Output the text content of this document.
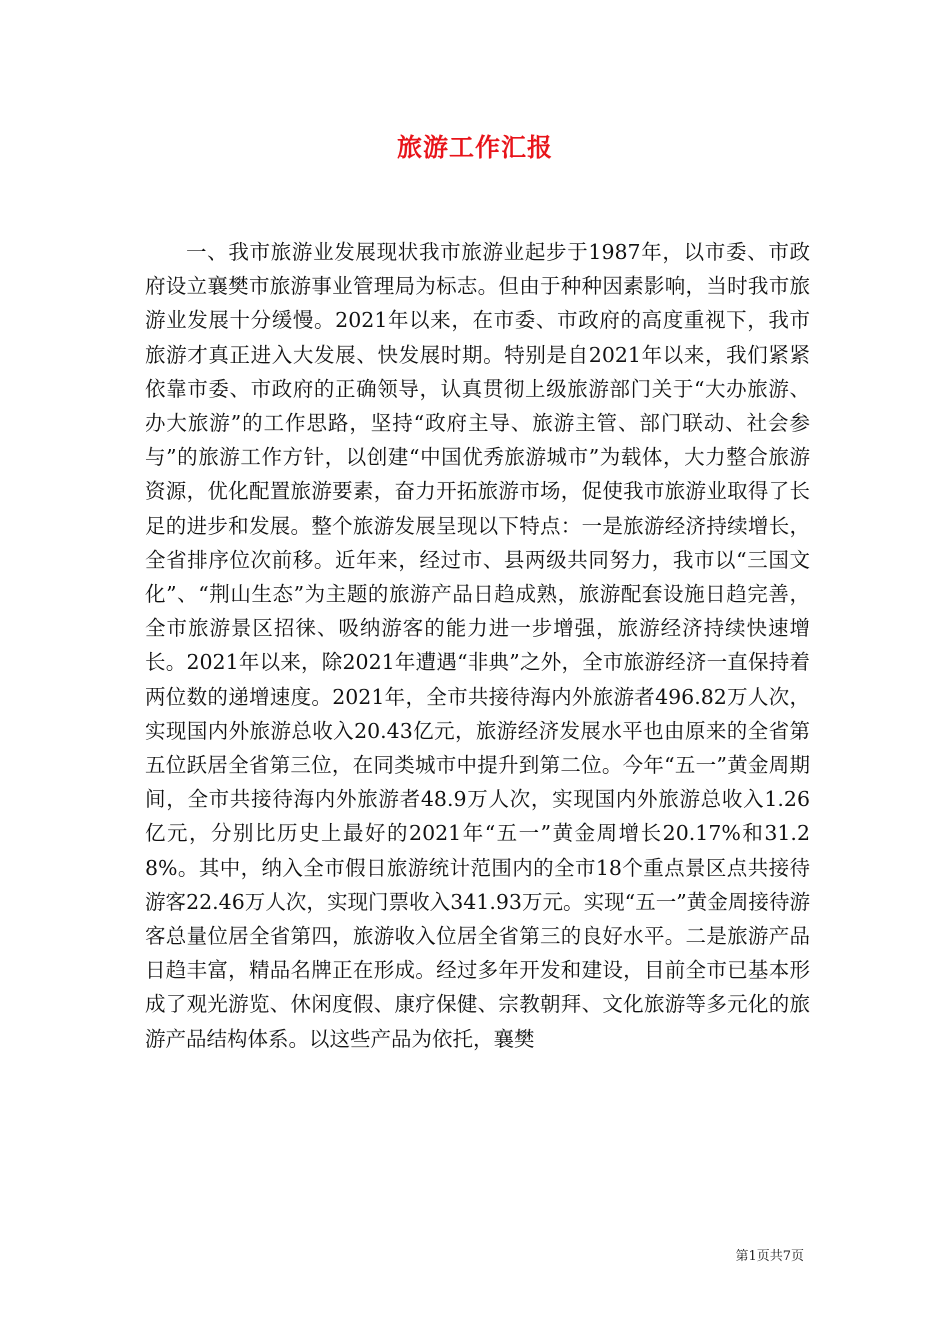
旅游工作汇报

一、我市旅游业发展现状我市旅游业起步于1987年，以市委、市政府设立襄樊市旅游事业管理局为标志。但由于种种因素影响，当时我市旅游业发展十分缓慢。2021年以来，在市委、市政府的高度重视下，我市旅游才真正进入大发展、快发展时期。特别是自2021年以来，我们紧紧依靠市委、市政府的正确领导，认真贯彻上级旅游部门关于“大办旅游、办大旅游”的工作思路，坚持“政府主导、旅游主管、部门联动、社会参与”的旅游工作方针，以创建“中国优秀旅游城市”为载体，大力整合旅游资源，优化配置旅游要素，奋力开拓旅游市场，促使我市旅游业取得了长足的进步和发展。整个旅游发展呈现以下特点：一是旅游经济持续增长，全省排序位次前移。近年来，经过市、县两级共同努力，我市以“三国文化”、“荆山生态”为主题的旅游产品日趋成熟，旅游配套设施日趋完善，全市旅游景区招徕、吸纳游客的能力进一步增强，旅游经济持续快速增长。2021年以来，除2021年遭遇“非典”之外，全市旅游经济一直保持着两位数的递增速度。2021年，全市共接待海内外旅游者496.82万人次，实现国内外旅游总收入20.43亿元，旅游经济发展水平也由原来的全省第五位跃居全省第三位，在同类城市中提升到第二位。今年“五一”黄金周期间，全市共接待海内外旅游者48.9万人次，实现国内外旅游总收入1.26亿元，分别比历史上最好的2021年“五一”黄金周增长20.17%和31.28%。其中，纳入全市假日旅游统计范围内的全市18个重点景区点共接待游客22.46万人次，实现门票收入341.93万元。实现“五一”黄金周接待游客总量位居全省第四，旅游收入位居全省第三的良好水平。二是旅游产品日趋丰富，精品名牌正在形成。经过多年开发和建设，目前全市已基本形成了观光游览、休闲度假、康疗保健、宗教朝拜、文化旅游等多元化的旅游产品结构体系。以这些产品为依托，襄樊

第1页共7页
